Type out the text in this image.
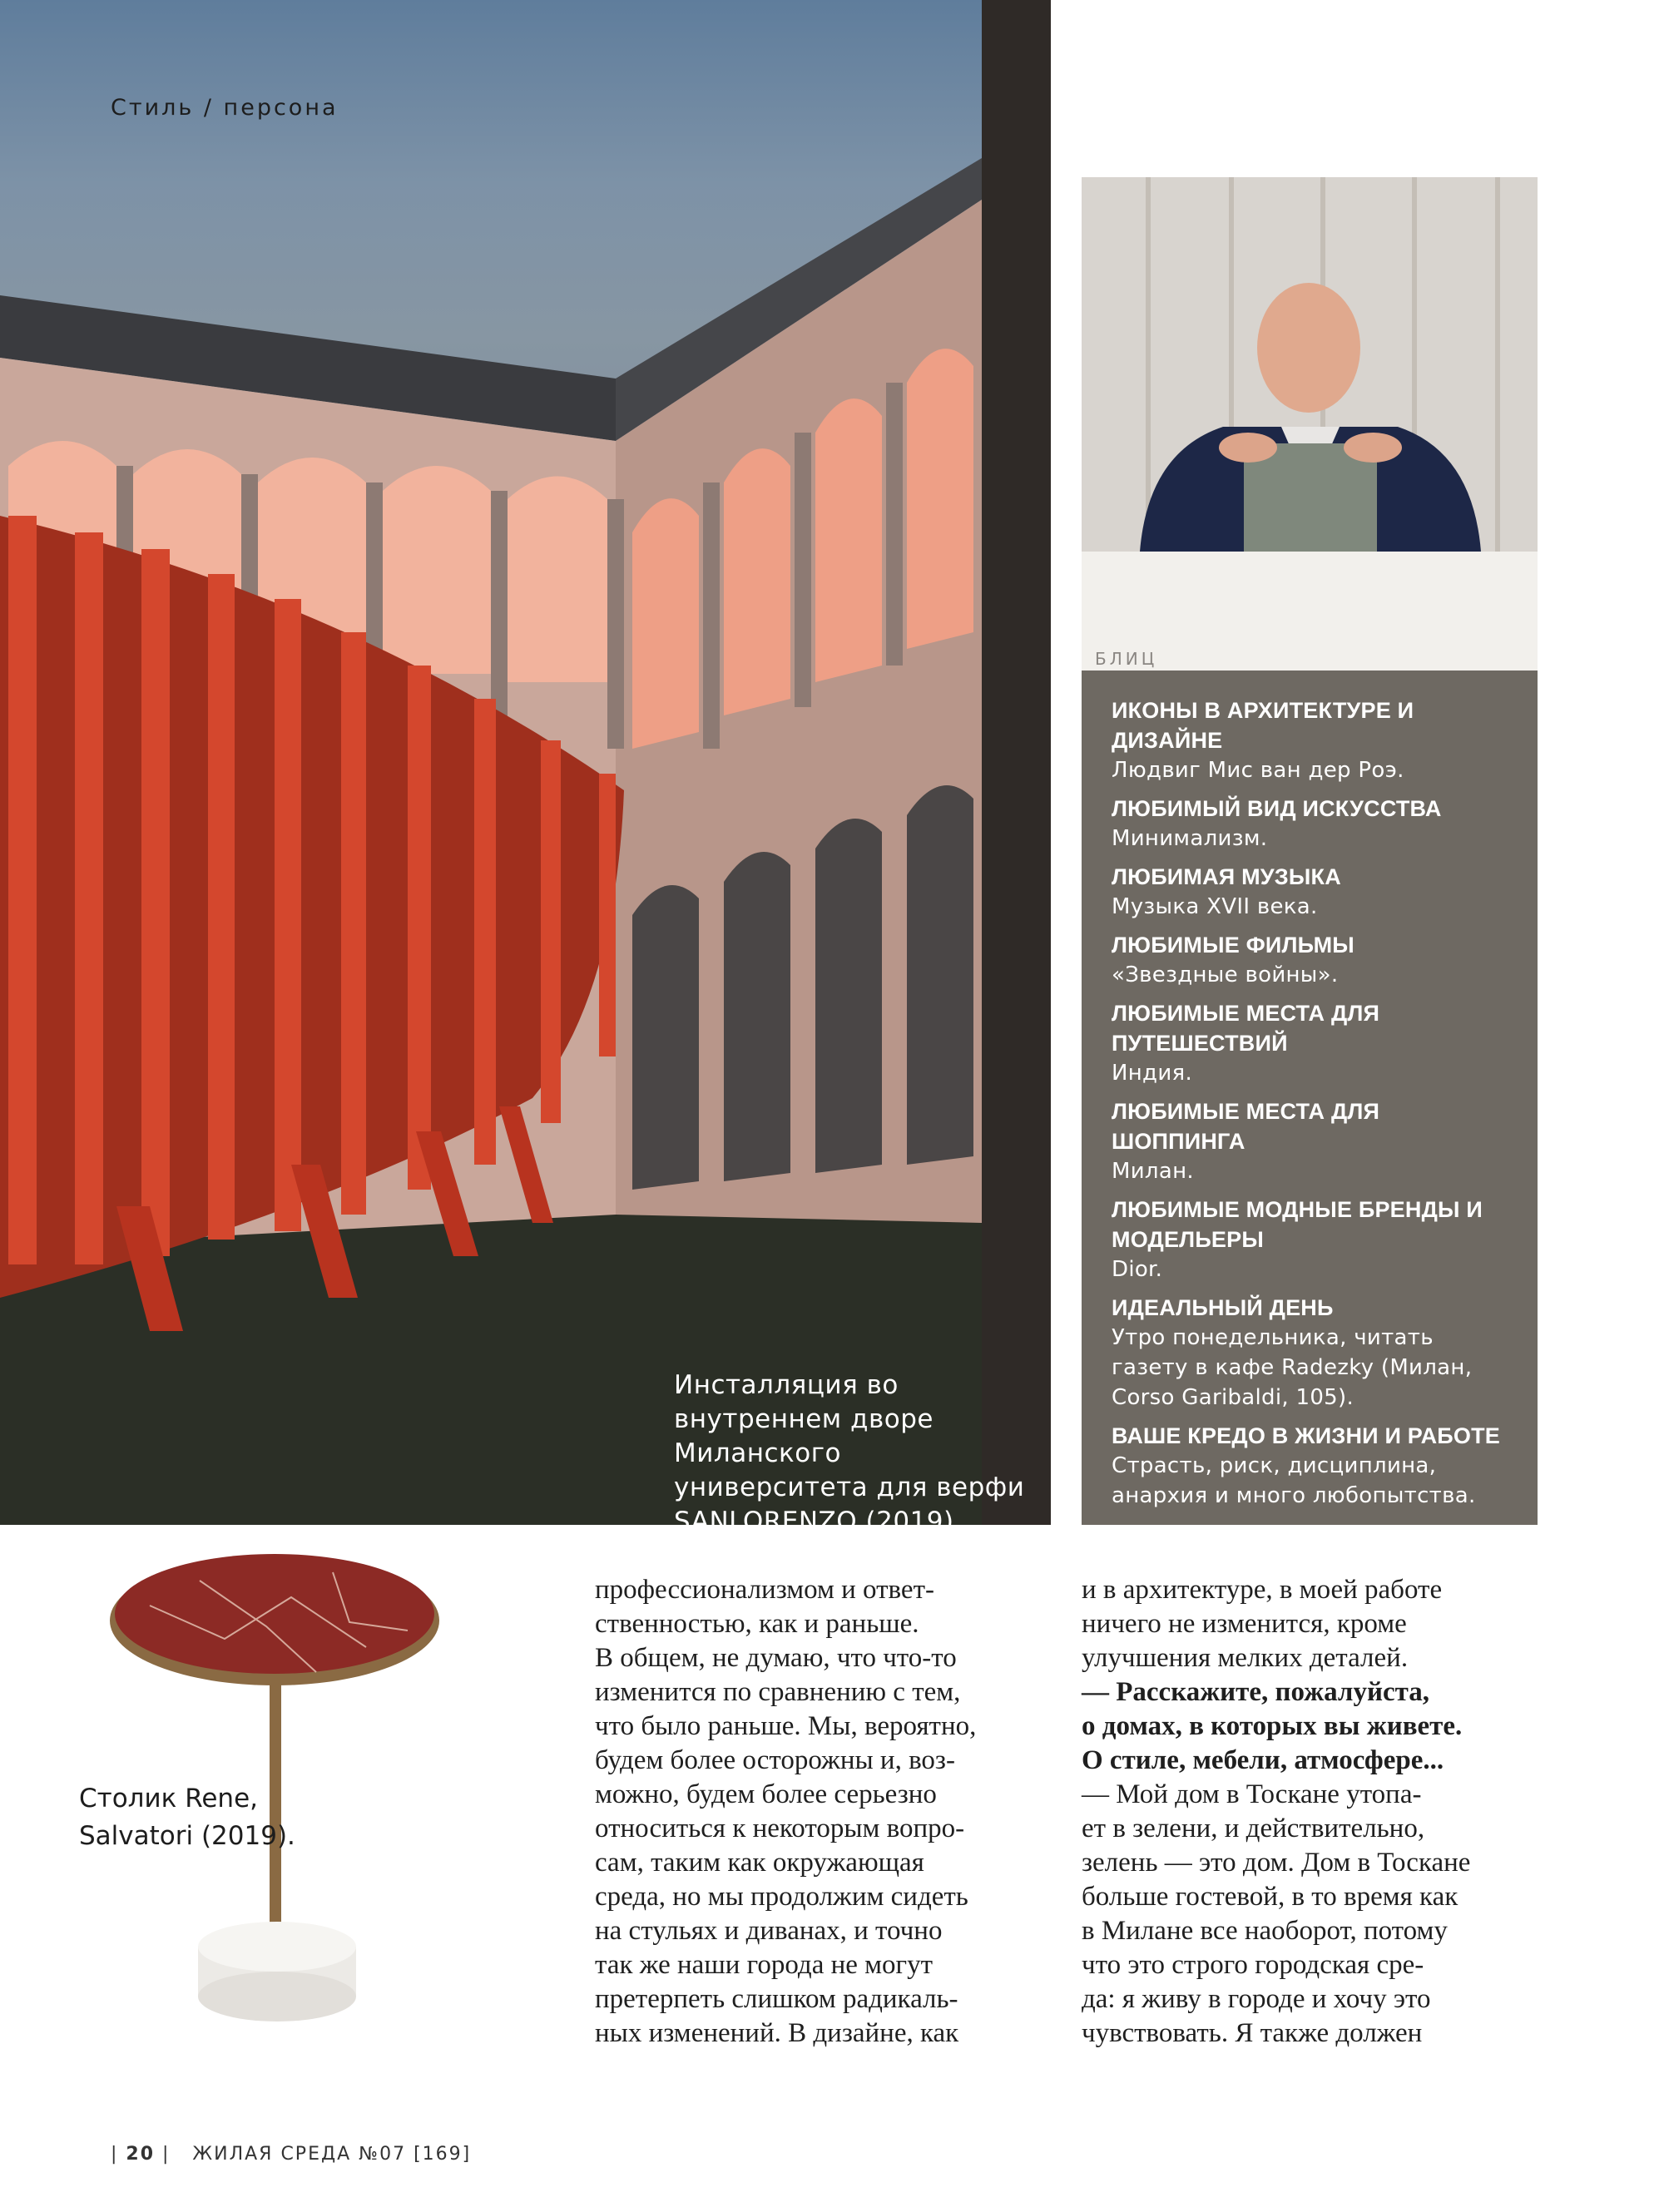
Стиль / персона
Инсталляция во внутреннем дворе Миланского университета для верфи SANLORENZO (2019).
БЛИЦ
ИКОНЫ В АРХИТЕКТУРЕ И ДИЗАЙНЕ
Людвиг Мис ван дер Роэ.
ЛЮБИМЫЙ ВИД ИСКУССТВА
Минимализм.
ЛЮБИМАЯ МУЗЫКА
Музыка XVII века.
ЛЮБИМЫЕ ФИЛЬМЫ
«Звездные войны».
ЛЮБИМЫЕ МЕСТА ДЛЯ ПУТЕШЕСТВИЙ
Индия.
ЛЮБИМЫЕ МЕСТА ДЛЯ ШОППИНГА
Милан.
ЛЮБИМЫЕ МОДНЫЕ БРЕНДЫ И МОДЕЛЬЕРЫ
Dior.
ИДЕАЛЬНЫЙ ДЕНЬ
Утро понедельника, читать газету в кафе Radezky (Милан, Corso Garibaldi, 105).
ВАШЕ КРЕДО В ЖИЗНИ И РАБОТЕ
Страсть, риск, дисциплина, анархия и много любопытства.
Столик Rene, Salvatori (2019).
профессионализмом и ответ-
ственностью, как и раньше.
В общем, не думаю, что что-то
изменится по сравнению с тем,
что было раньше. Мы, вероятно,
будем более осторожны и, воз-
можно, будем более серьезно
относиться к некоторым вопро-
сам, таким как окружающая
среда, но мы продолжим сидеть
на стульях и диванах, и точно
так же наши города не могут
претерпеть слишком радикаль-
ных изменений. В дизайне, как
и в архитектуре, в моей работе
ничего не изменится, кроме
улучшения мелких деталей.
— Расскажите, пожалуйста,
о домах, в которых вы живете.
О стиле, мебели, атмосфере...
— Мой дом в Тоскане утопа-
ет в зелени, и действительно,
зелень — это дом. Дом в Тоскане
больше гостевой, в то время как
в Милане все наоборот, потому
что это строго городская сре-
да: я живу в городе и хочу это
чувствовать. Я также должен
| 20 |   ЖИЛАЯ СРЕДА №07 [169]
